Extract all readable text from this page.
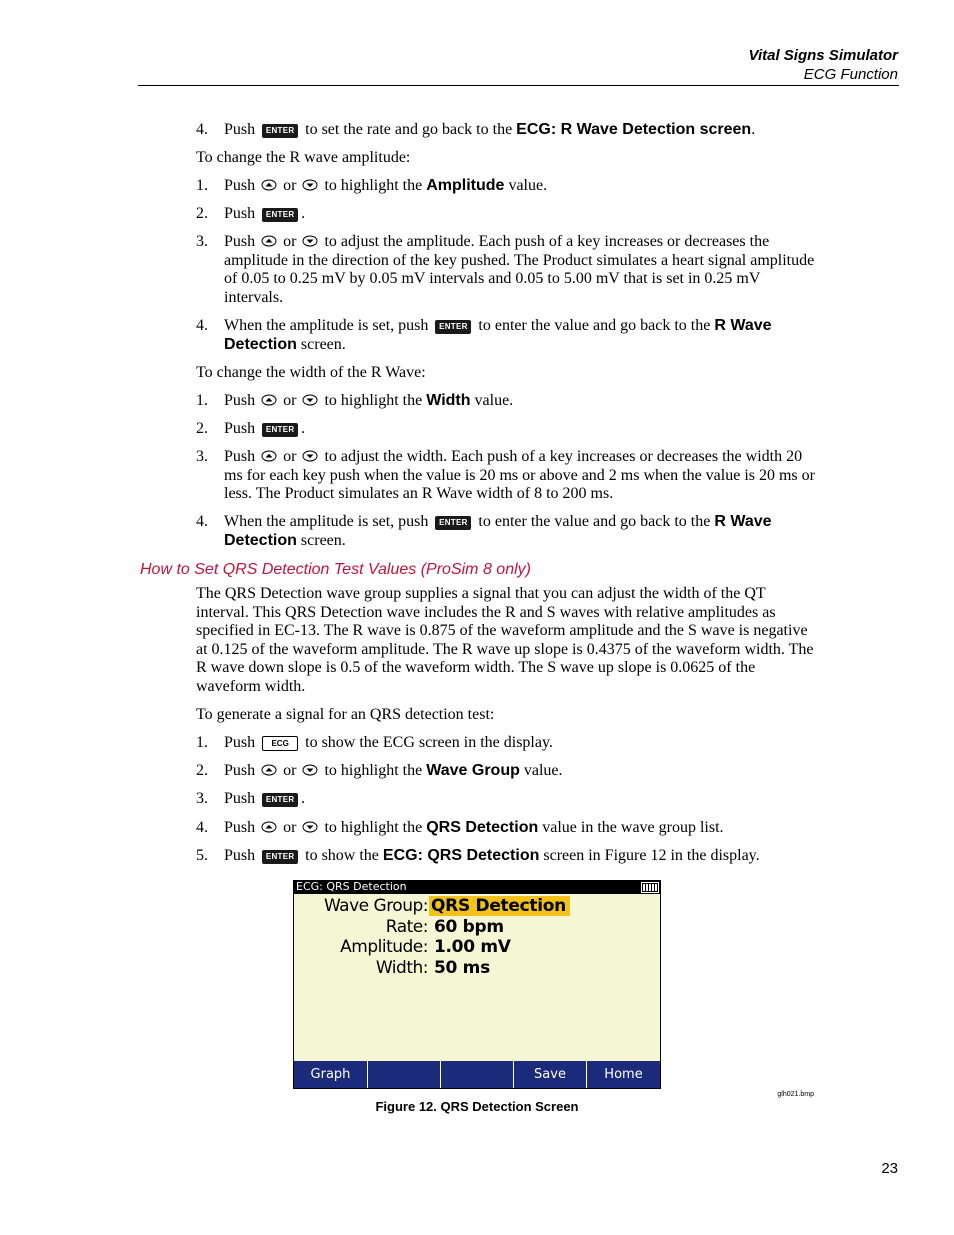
Vital Signs Simulator
ECG Function
4. Push ENTER to set the rate and go back to the ECG: R Wave Detection screen.
To change the R wave amplitude:
1. Push or to highlight the Amplitude value.
2. Push ENTER .
3. Push or to adjust the amplitude. Each push of a key increases or decreases the amplitude in the direction of the key pushed. The Product simulates a heart signal amplitude of 0.05 to 0.25 mV by 0.05 mV intervals and 0.05 to 5.00 mV that is set in 0.25 mV intervals.
4. When the amplitude is set, push ENTER to enter the value and go back to the R Wave Detection screen.
To change the width of the R Wave:
1. Push or to highlight the Width value.
2. Push ENTER .
3. Push or to adjust the width. Each push of a key increases or decreases the width 20 ms for each key push when the value is 20 ms or above and 2 ms when the value is 20 ms or less. The Product simulates an R Wave width of 8 to 200 ms.
4. When the amplitude is set, push ENTER to enter the value and go back to the R Wave Detection screen.
How to Set QRS Detection Test Values (ProSim 8 only)
The QRS Detection wave group supplies a signal that you can adjust the width of the QT interval. This QRS Detection wave includes the R and S waves with relative amplitudes as specified in EC-13. The R wave is 0.875 of the waveform amplitude and the S wave is negative at 0.125 of the waveform amplitude. The R wave up slope is 0.4375 of the waveform width. The R wave down slope is 0.5 of the waveform width. The S wave up slope is 0.0625 of the waveform width.
To generate a signal for an QRS detection test:
1. Push ECG to show the ECG screen in the display.
2. Push or to highlight the Wave Group value.
3. Push ENTER .
4. Push or to highlight the QRS Detection value in the wave group list.
5. Push ENTER to show the ECG: QRS Detection screen in Figure 12 in the display.
ECG: QRS Detection
Wave Group: QRS Detection
Rate: 60 bpm
Amplitude: 1.00 mV
Width: 50 ms
Graph	Save	Home
glh021.bmp
Figure 12. QRS Detection Screen
23
